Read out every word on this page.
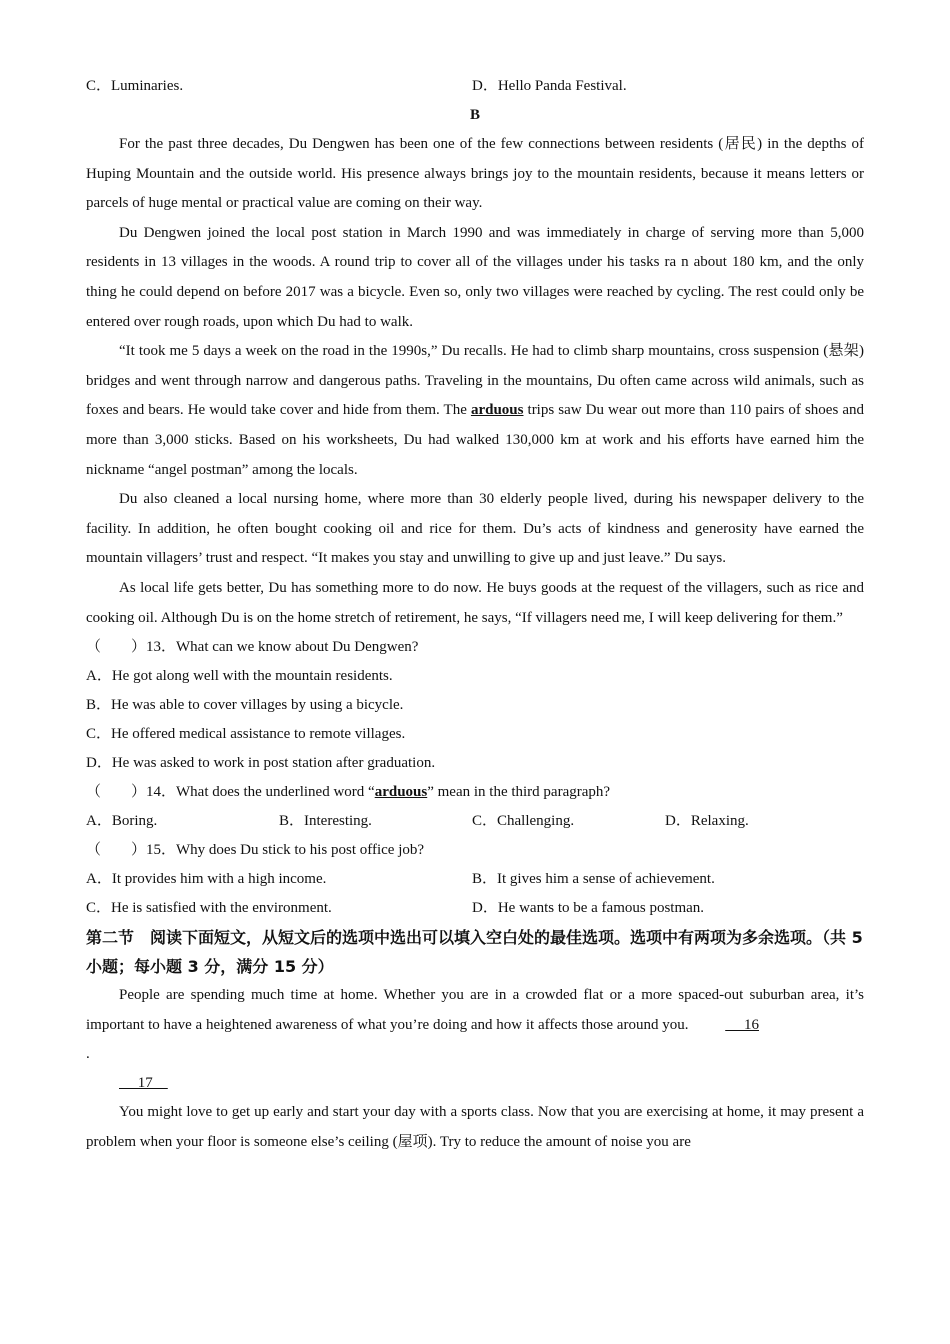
C．Luminaries.	D．Hello Panda Festival.
B

For the past three decades, Du Dengwen has been one of the few connections between residents (居民) in the depths of Huping Mountain and the outside world. His presence always brings joy to the mountain residents, because it means letters or parcels of huge mental or practical value are coming on their way.

Du Dengwen joined the local post station in March 1990 and was immediately in charge of serving more than 5,000 residents in 13 villages in the woods. A round trip to cover all of the villages under his tasks ra n about 180 km, and the only thing he could depend on before 2017 was a bicycle. Even so, only two villages were reached by cycling. The rest could only be entered over rough roads, upon which Du had to walk.

“It took me 5 days a week on the road in the 1990s,” Du recalls. He had to climb sharp mountains, cross suspension (悬架) bridges and went through narrow and dangerous paths. Traveling in the mountains, Du often came across wild animals, such as foxes and bears. He would take cover and hide from them. The arduous trips saw Du wear out more than 110 pairs of shoes and more than 3,000 sticks. Based on his worksheets, Du had walked 130,000 km at work and his efforts have earned him the nickname “angel postman” among the locals.

Du also cleaned a local nursing home, where more than 30 elderly people lived, during his newspaper delivery to the facility. In addition, he often bought cooking oil and rice for them. Du’s acts of kindness and generosity have earned the mountain villagers’ trust and respect. “It makes you stay and unwilling to give up and just leave.” Du says.

As local life gets better, Du has something more to do now. He buys goods at the request of the villagers, such as rice and cooking oil. Although Du is on the home stretch of retirement, he says, “If villagers need me, I will keep delivering for them.”

（　　）13．What can we know about Du Dengwen?
A．He got along well with the mountain residents.
B．He was able to cover villages by using a bicycle.
C．He offered medical assistance to remote villages.
D．He was asked to work in post station after graduation.
（　　）14．What does the underlined word “arduous” mean in the third paragraph?
A．Boring.	B．Interesting.	C．Challenging.	D．Relaxing.
（　　）15．Why does Du stick to his post office job?
A．It provides him with a high income.	B．It gives him a sense of achievement.
C．He is satisfied with the environment.	D．He wants to be a famous postman.

第二节　阅读下面短文，从短文后的选项中选出可以填入空白处的最佳选项。选项中有两项为多余选项。（共 5 小题；每小题 3 分，满分 15 分）

People are spending much time at home. Whether you are in a crowded flat or a more spaced-out suburban area, it’s important to have a heightened awareness of what you’re doing and how it affects those around you. 　 16

.
　 17　

You might love to get up early and start your day with a sports class. Now that you are exercising at home, it may present a problem when your floor is someone else’s ceiling (屋项). Try to reduce the amount of noise you are
